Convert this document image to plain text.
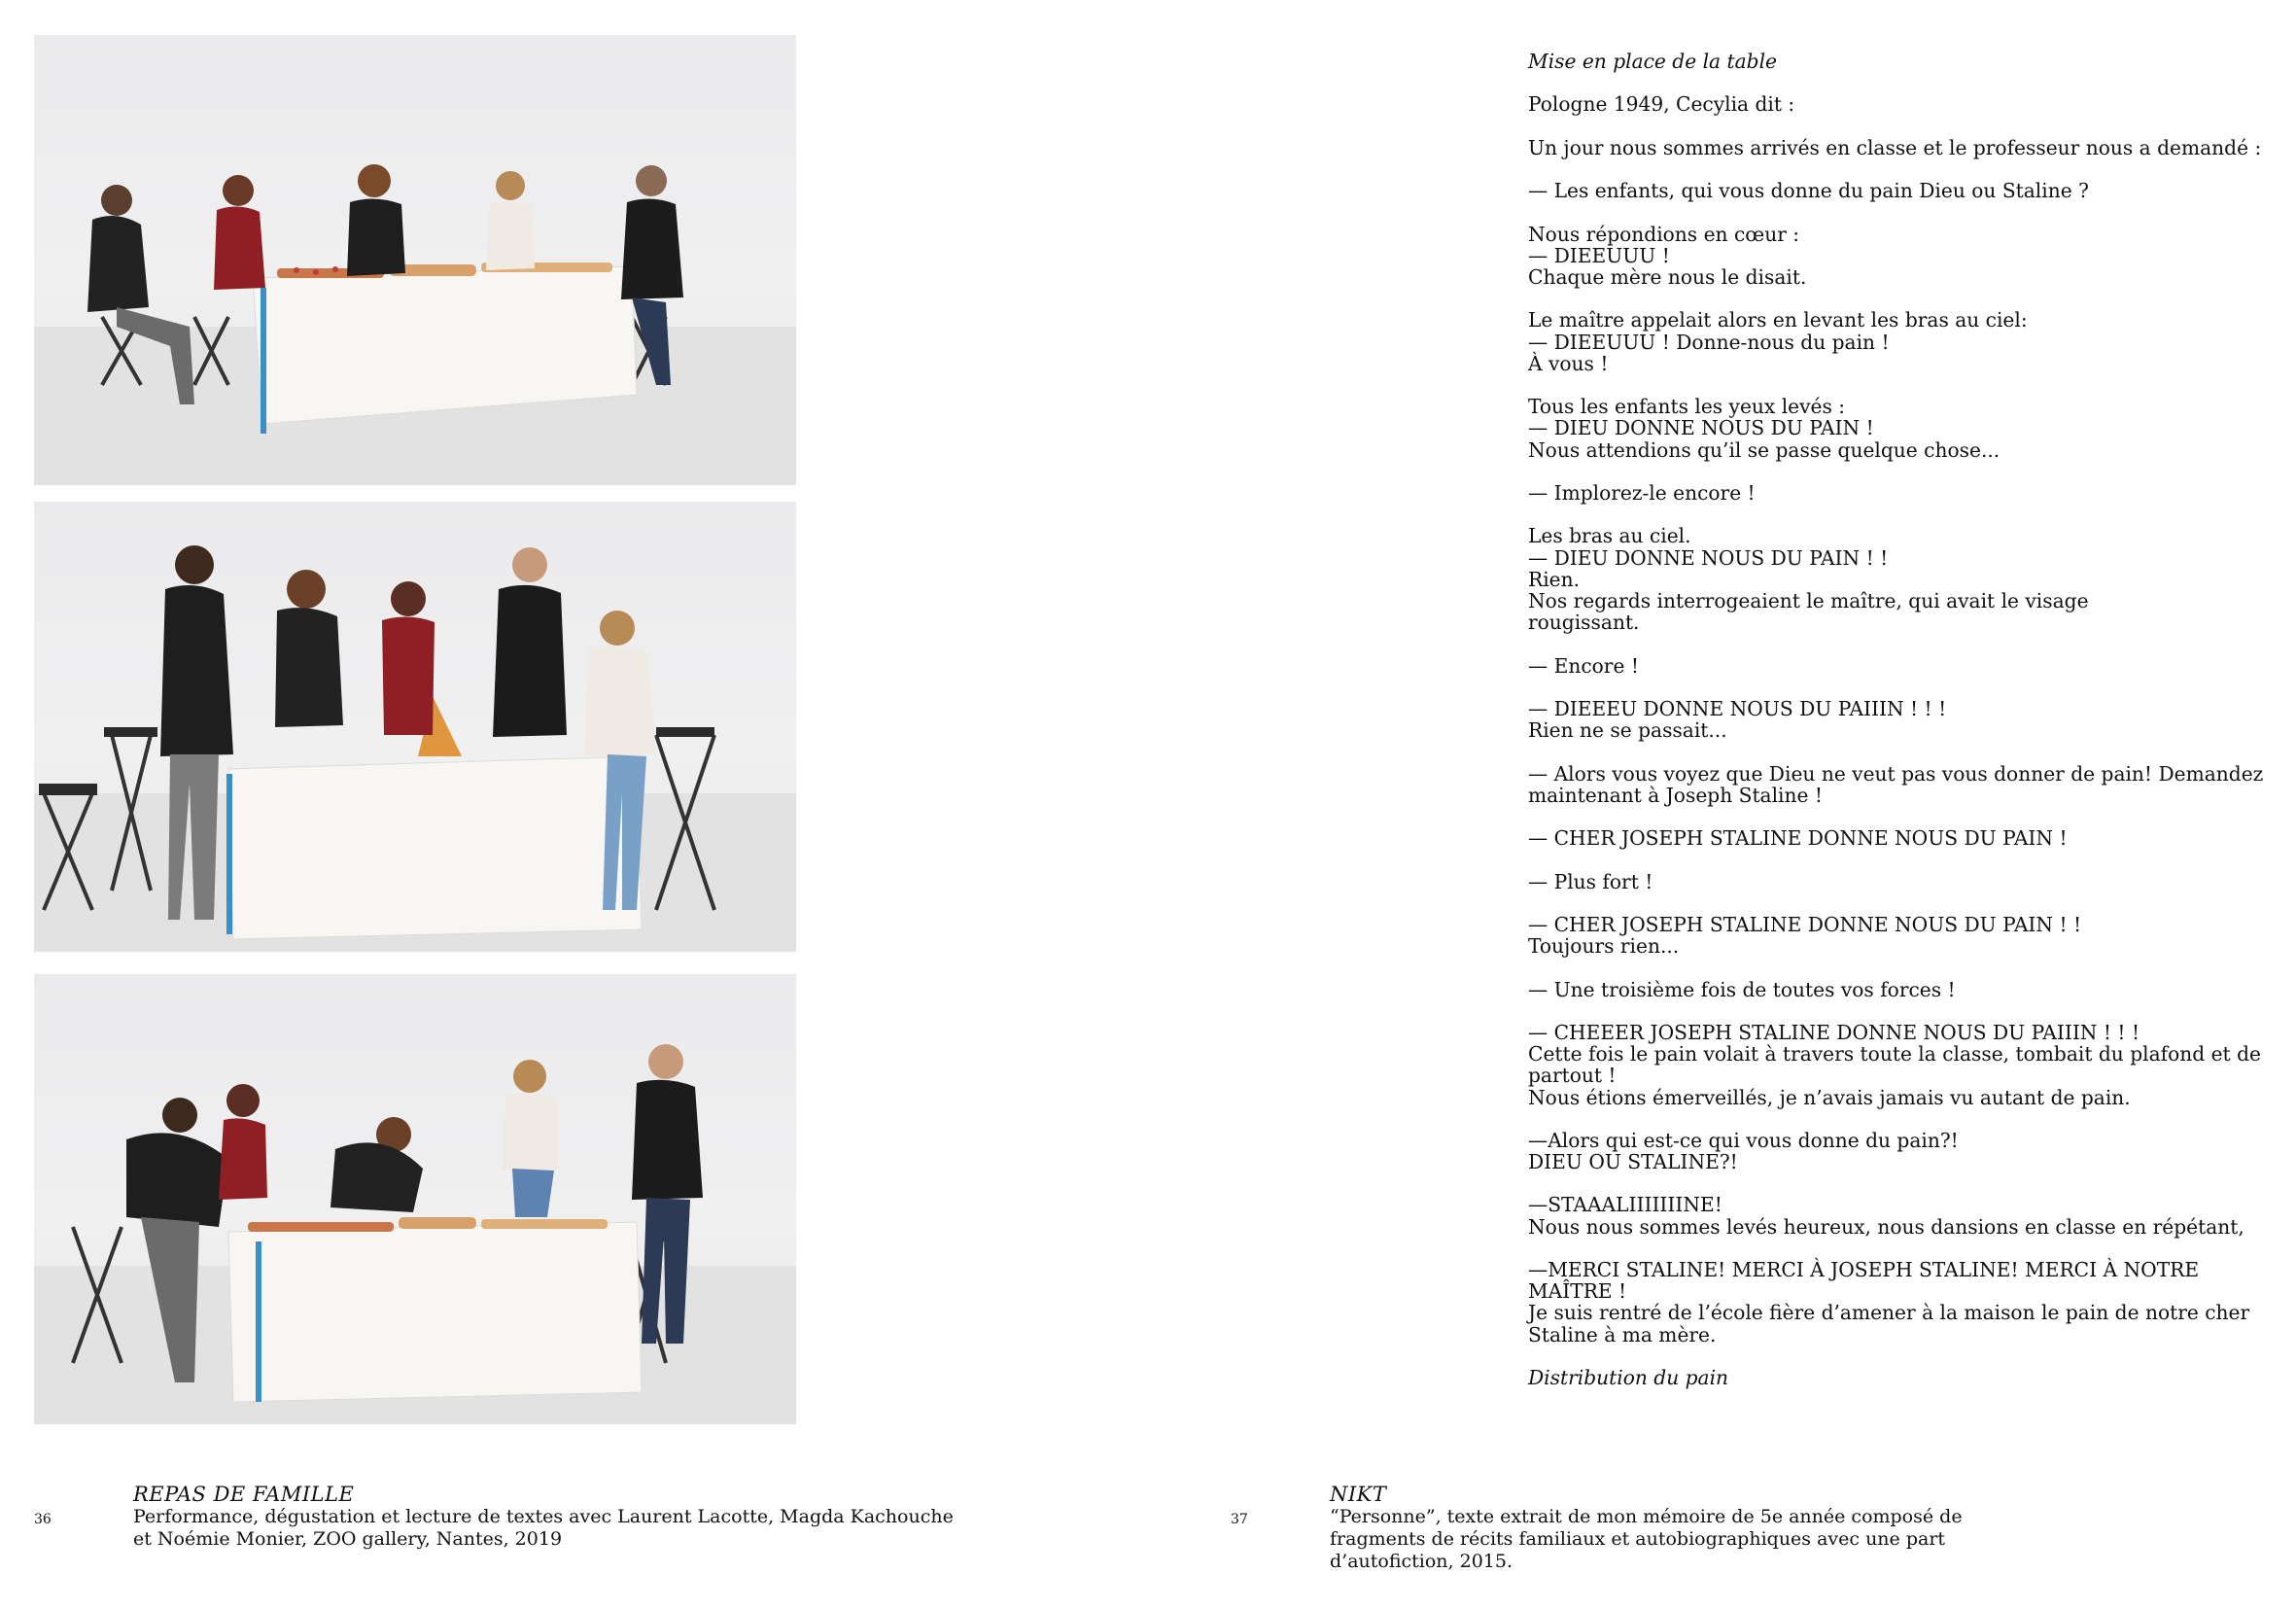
36
REPAS DE FAMILLE
Performance, dégustation et lecture de textes avec Laurent Lacotte, Magda Kachouche et Noémie Monier, ZOO gallery, Nantes, 2019

Mise en place de la table

Pologne 1949, Cecylia dit :

Un jour nous sommes arrivés en classe et le professeur nous a demandé :

— Les enfants, qui vous donne du pain Dieu ou Staline ?

Nous répondions en cœur :
— DIEEUUU !
Chaque mère nous le disait.

Le maître appelait alors en levant les bras au ciel:
— DIEEUUU ! Donne-nous du pain !
À vous !

Tous les enfants les yeux levés :
— DIEU DONNE NOUS DU PAIN !
Nous attendions qu’il se passe quelque chose...

— Implorez-le encore !

Les bras au ciel.
— DIEU DONNE NOUS DU PAIN ! !
Rien.
Nos regards interrogeaient le maître, qui avait le visage
rougissant.

— Encore !

— DIEEEU DONNE NOUS DU PAIIIN ! ! !
Rien ne se passait...

— Alors vous voyez que Dieu ne veut pas vous donner de pain! Demandez
maintenant à Joseph Staline !

— CHER JOSEPH STALINE DONNE NOUS DU PAIN !

— Plus fort !

— CHER JOSEPH STALINE DONNE NOUS DU PAIN ! !
Toujours rien...

— Une troisième fois de toutes vos forces !

— CHEEER JOSEPH STALINE DONNE NOUS DU PAIIIN ! ! !
Cette fois le pain volait à travers toute la classe, tombait du plafond et de
partout !
Nous étions émerveillés, je n’avais jamais vu autant de pain.

—Alors qui est-ce qui vous donne du pain?!
DIEU OU STALINE?!

—STAAALIIIIIIINE!
Nous nous sommes levés heureux, nous dansions en classe en répétant,

—MERCI STALINE! MERCI À JOSEPH STALINE! MERCI À NOTRE MAÎTRE !
Je suis rentré de l’école fière d’amener à la maison le pain de notre cher
Staline à ma mère.

Distribution du pain

37
NIKT
“Personne”, texte extrait de mon mémoire de 5e année composé de fragments de récits familiaux et autobiographiques avec une part d’autofiction, 2015.
